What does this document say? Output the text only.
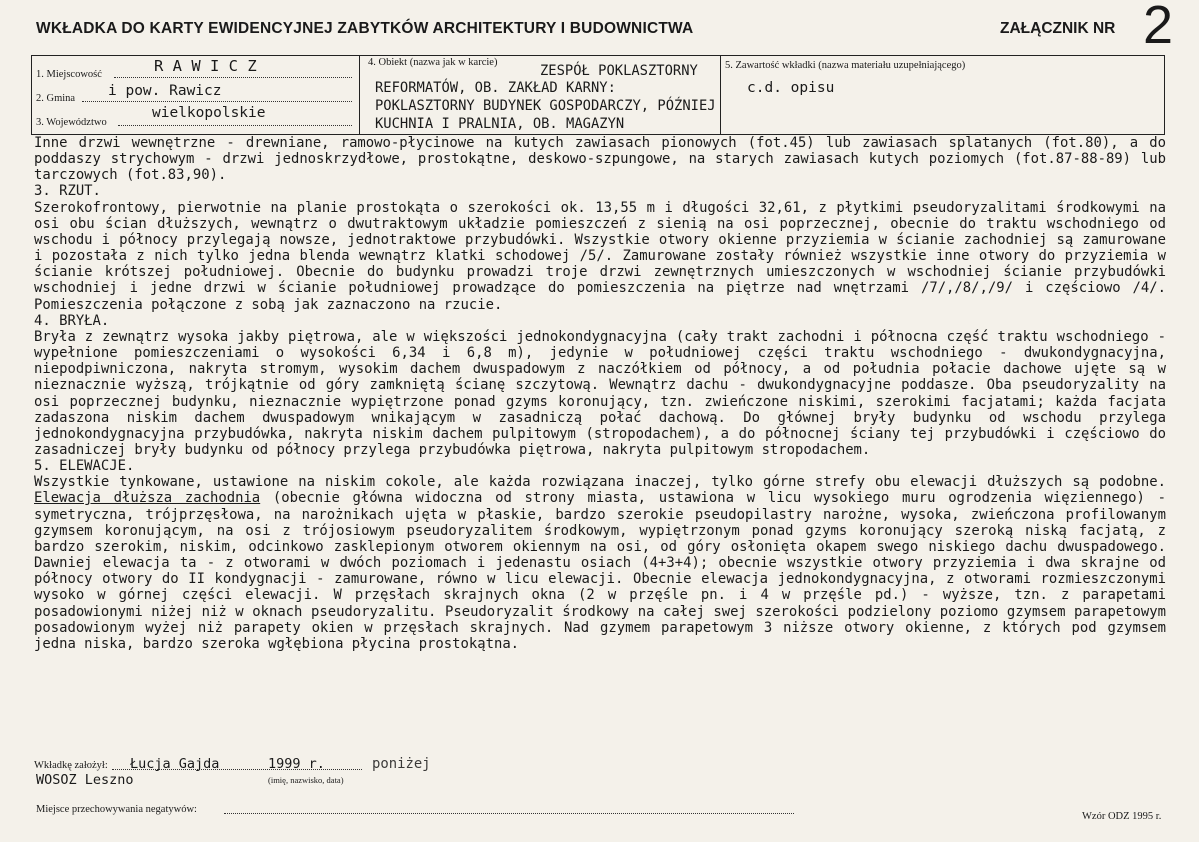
WKŁADKA DO KARTY EWIDENCYJNEJ ZABYTKÓW ARCHITEKTURY I BUDOWNICTWA	ZAŁĄCZNIK NR 2
1. Miejscowość	R A W I C Z
2. Gmina i pow. Rawicz
3. Województwo
wielkopolskie
4. Obiekt (nazwa jak w karcie)
ZESPÓŁ POKLASZTORNY
REFORMATÓW, OB. ZAKŁAD KARNY:
POKLASZTORNY BUDYNEK GOSPODARCZY, PÓŹNIEJ
KUCHNIA I PRALNIA, OB. MAGAZYN
5. Zawartość wkładki (nazwa materiału uzupełniającego)
c.d. opisu
Inne drzwi wewnętrzne - drewniane, ramowo-płycinowe na kutych zawiasach pionowych (fot.45) lub zawiasach splatanych (fot.80), a do poddaszy strychowym - drzwi jednoskrzydłowe, prostokątne, deskowo-szpungowe, na starych zawiasach kutych poziomych (fot.87-88-89) lub tarczowych (fot.83,90).
3. RZUT.
Szerokofrontowy, pierwotnie na planie prostokąta o szerokości ok. 13,55 m i długości 32,61, z płytkimi pseudoryzalitami środkowymi na osi obu ścian dłuższych, wewnątrz o dwutraktowym układzie pomieszczeń z sienią na osi poprzecznej, obecnie do traktu wschodniego od wschodu i północy przylegają nowsze, jednotraktowe przybudówki. Wszystkie otwory okienne przyziemia w ścianie zachodniej są zamurowane i pozostała z nich tylko jedna blenda wewnątrz klatki schodowej /5/. Zamurowane zostały również wszystkie inne otwory do przyziemia w ścianie krótszej południowej. Obecnie do budynku prowadzi troje drzwi zewnętrznych umieszczonych w wschodniej ścianie przybudówki wschodniej i jedne drzwi w ścianie południowej prowadzące do pomieszczenia na piętrze nad wnętrzami /7/,/8/,/9/ i częściowo /4/. Pomieszczenia połączone z sobą jak zaznaczono na rzucie.
4. BRYŁA.
Bryła z zewnątrz wysoka jakby piętrowa, ale w większości jednokondygnacyjna (cały trakt zachodni i północna część traktu wschodniego - wypełnione pomieszczeniami o wysokości 6,34 i 6,8 m), jedynie w południowej części traktu wschodniego - dwukondygnacyjna, niepodpiwniczona, nakryta stromym, wysokim dachem dwuspadowym z naczółkiem od północy, a od południa połacie dachowe ujęte są w nieznacznie wyższą, trójkątnie od góry zamkniętą ścianę szczytową. Wewnątrz dachu - dwukondygnacyjne poddasze. Oba pseudoryzality na osi poprzecznej budynku, nieznacznie wypiętrzone ponad gzyms koronujący, tzn. zwieńczone niskimi, szerokimi facjatami; każda facjata zadaszona niskim dachem dwuspadowym wnikającym w zasadniczą połać dachową. Do głównej bryły budynku od wschodu przylega jednokondygnacyjna przybudówka, nakryta niskim dachem pulpitowym (stropodachem), a do północnej ściany tej przybudówki i częściowo do zasadniczej bryły budynku od północy przylega przybudówka piętrowa, nakryta pulpitowym stropodachem.
5. ELEWACJE.
Wszystkie tynkowane, ustawione na niskim cokole, ale każda rozwiązana inaczej, tylko górne strefy obu elewacji dłuższych są podobne. Elewacja dłuższa zachodnia (obecnie główna widoczna od strony miasta, ustawiona w licu wysokiego muru ogrodzenia więziennego) - symetryczna, trójprzęsłowa, na narożnikach ujęta w płaskie, bardzo szerokie pseudopilastry narożne, wysoka, zwieńczona profilowanym gzymsem koronującym, na osi z trójosiowym pseudoryzalitem środkowym, wypiętrzonym ponad gzyms koronujący szeroką niską facjatą, z bardzo szerokim, niskim, odcinkowo zasklepionym otworem okiennym na osi, od góry osłonięta okapem swego niskiego dachu dwuspadowego. Dawniej elewacja ta - z otworami w dwóch poziomach i jedenastu osiach (4+3+4); obecnie wszystkie otwory przyziemia i dwa skrajne od północy otwory do II kondygnacji - zamurowane, równo w licu elewacji. Obecnie elewacja jednokondygnacyjna, z otworami rozmieszczonymi wysoko w górnej części elewacji. W przęsłach skrajnych okna (2 w przęśle pn. i 4 w przęśle pd.) - wyższe, tzn. z parapetami posadowionymi niżej niż w oknach pseudoryzalitu. Pseudoryzalit środkowy na całej swej szerokości podzielony poziomo gzymsem parapetowym posadowionym wyżej niż parapety okien w przęsłach skrajnych. Nad gzymem parapetowym 3 niższe otwory okienne, z których pod gzymsem jedna niska, bardzo szeroka wgłębiona płycina prostokątna.
Wkładkę założył: Łucja Gajda	1999 r.	poniżej
(imię, nazwisko, data)
WOSOZ Leszno
Miejsce przechowywania negatywów:
Wzór ODZ 1995 r.
